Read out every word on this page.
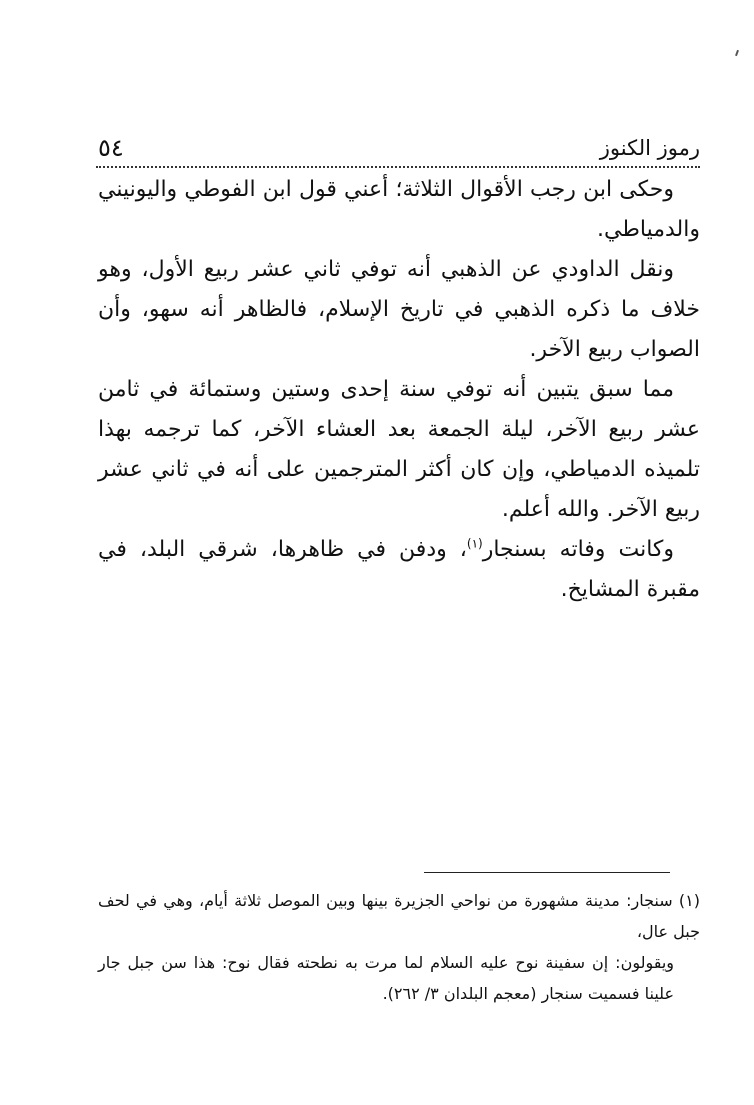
رموز الكنوز
٥٤

وحكى ابن رجب الأقوال الثلاثة؛ أعني قول ابن الفوطي واليونيني والدمياطي.

ونقل الداودي عن الذهبي أنه توفي ثاني عشر ربيع الأول، وهو خلاف ما ذكره الذهبي في تاريخ الإسلام، فالظاهر أنه سهو، وأن الصواب ربيع الآخر.

مما سبق يتبين أنه توفي سنة إحدى وستين وستمائة في ثامن عشر ربيع الآخر، ليلة الجمعة بعد العشاء الآخر، كما ترجمه بهذا تلميذه الدمياطي، وإن كان أكثر المترجمين على أنه في ثاني عشر ربيع الآخر. والله أعلم.

وكانت وفاته بسنجار$^{(١)}$، ودفن في ظاهرها، شرقي البلد، في مقبرة المشايخ.

(١) سنجار: مدينة مشهورة من نواحي الجزيرة بينها وبين الموصل ثلاثة أيام، وهي في لحف جبل عال،

ويقولون: إن سفينة نوح عليه السلام لما مرت به نطحته فقال نوح: هذا سن جبل جار علينا فسميت سنجار (معجم البلدان ٣/ ٢٦٢).
